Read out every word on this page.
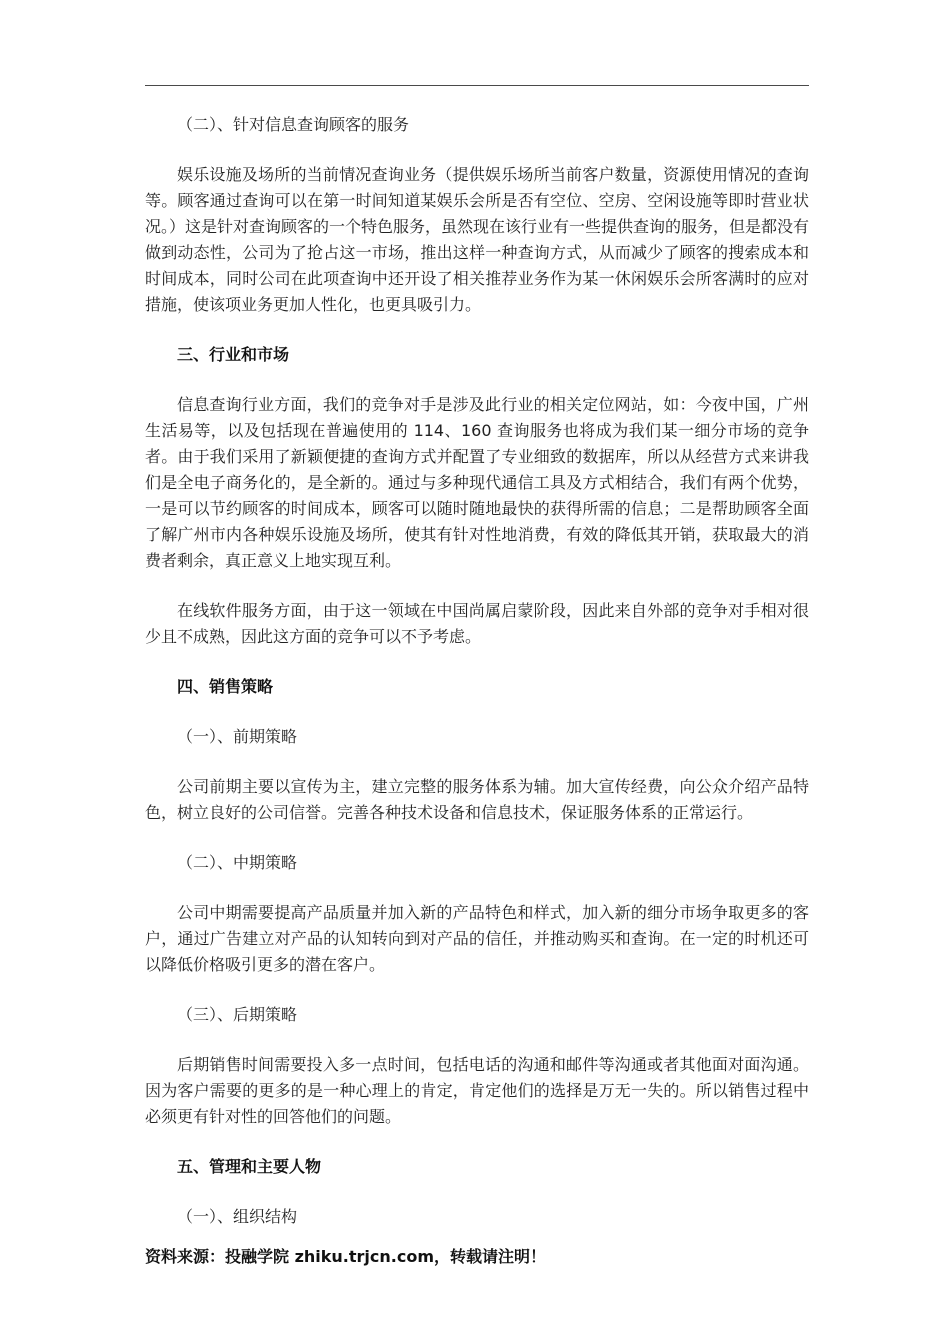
（二）、针对信息查询顾客的服务

娱乐设施及场所的当前情况查询业务（提供娱乐场所当前客户数量，资源使用情况的查询等。顾客通过查询可以在第一时间知道某娱乐会所是否有空位、空房、空闲设施等即时营业状况。）这是针对查询顾客的一个特色服务，虽然现在该行业有一些提供查询的服务，但是都没有做到动态性，公司为了抢占这一市场，推出这样一种查询方式，从而减少了顾客的搜索成本和时间成本，同时公司在此项查询中还开设了相关推荐业务作为某一休闲娱乐会所客满时的应对措施，使该项业务更加人性化，也更具吸引力。

三、行业和市场

信息查询行业方面，我们的竞争对手是涉及此行业的相关定位网站，如：今夜中国，广州生活易等，以及包括现在普遍使用的 114、160 查询服务也将成为我们某一细分市场的竞争者。由于我们采用了新颖便捷的查询方式并配置了专业细致的数据库，所以从经营方式来讲我们是全电子商务化的，是全新的。通过与多种现代通信工具及方式相结合，我们有两个优势，一是可以节约顾客的时间成本，顾客可以随时随地最快的获得所需的信息；二是帮助顾客全面了解广州市内各种娱乐设施及场所，使其有针对性地消费，有效的降低其开销，获取最大的消费者剩余，真正意义上地实现互利。

在线软件服务方面，由于这一领域在中国尚属启蒙阶段，因此来自外部的竞争对手相对很少且不成熟，因此这方面的竞争可以不予考虑。

四、销售策略

（一）、前期策略

公司前期主要以宣传为主，建立完整的服务体系为辅。加大宣传经费，向公众介绍产品特色，树立良好的公司信誉。完善各种技术设备和信息技术，保证服务体系的正常运行。

（二）、中期策略

公司中期需要提高产品质量并加入新的产品特色和样式，加入新的细分市场争取更多的客户，通过广告建立对产品的认知转向到对产品的信任，并推动购买和查询。在一定的时机还可以降低价格吸引更多的潜在客户。

（三）、后期策略

后期销售时间需要投入多一点时间，包括电话的沟通和邮件等沟通或者其他面对面沟通。因为客户需要的更多的是一种心理上的肯定，肯定他们的选择是万无一失的。所以销售过程中必须更有针对性的回答他们的问题。

五、管理和主要人物

（一）、组织结构

资料来源：投融学院 zhiku.trjcn.com，转载请注明！
